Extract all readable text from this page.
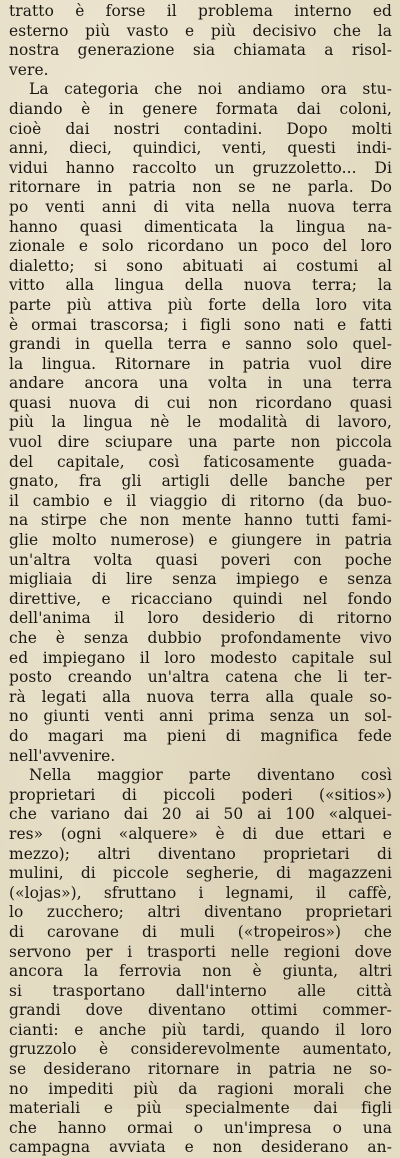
tratto è forse il problema interno ed
esterno più vasto e più decisivo che la
nostra generazione sia chiamata a risol-
vere.
La categoria che noi andiamo ora stu-
diando è in genere formata dai coloni,
cioè dai nostri contadini. Dopo molti
anni, dieci, quindici, venti, questi indi-
vidui hanno raccolto un gruzzoletto... Di
ritornare in patria non se ne parla. Do
po venti anni di vita nella nuova terra
hanno quasi dimenticata la lingua na-
zionale e solo ricordano un poco del loro
dialetto; si sono abituati ai costumi al
vitto alla lingua della nuova terra; la
parte più attiva più forte della loro vita
è ormai trascorsa; i figli sono nati e fatti
grandi in quella terra e sanno solo quel-
la lingua. Ritornare in patria vuol dire
andare ancora una volta in una terra
quasi nuova di cui non ricordano quasi
più la lingua nè le modalità di lavoro,
vuol dire sciupare una parte non piccola
del capitale, così faticosamente guada-
gnato, fra gli artigli delle banche per
il cambio e il viaggio di ritorno (da buo-
na stirpe che non mente hanno tutti fami-
glie molto numerose) e giungere in patria
un'altra volta quasi poveri con poche
migliaia di lire senza impiego e senza
direttive, e ricacciano quindi nel fondo
dell'anima il loro desiderio di ritorno
che è senza dubbio profondamente vivo
ed impiegano il loro modesto capitale sul
posto creando un'altra catena che li ter-
rà legati alla nuova terra alla quale so-
no giunti venti anni prima senza un sol-
do magari ma pieni di magnifica fede
nell'avvenire.
Nella maggior parte diventano così
proprietari di piccoli poderi («sitios»)
che variano dai 20 ai 50 ai 100 «alquei-
res» (ogni «alquere» è di due ettari e
mezzo); altri diventano proprietari di
mulini, di piccole segherie, di magazzeni
(«lojas»), sfruttano i legnami, il caffè,
lo zucchero; altri diventano proprietari
di carovane di muli («tropeiros») che
servono per i trasporti nelle regioni dove
ancora la ferrovia non è giunta, altri
si trasportano dall'interno alle città
grandi dove diventano ottimi commer-
cianti: e anche più tardi, quando il loro
gruzzolo è considerevolmente aumentato,
se desiderano ritornare in patria ne so-
no impediti più da ragioni morali che
materiali e più specialmente dai figli
che hanno ormai o un'impresa o una
campagna avviata e non desiderano an-
